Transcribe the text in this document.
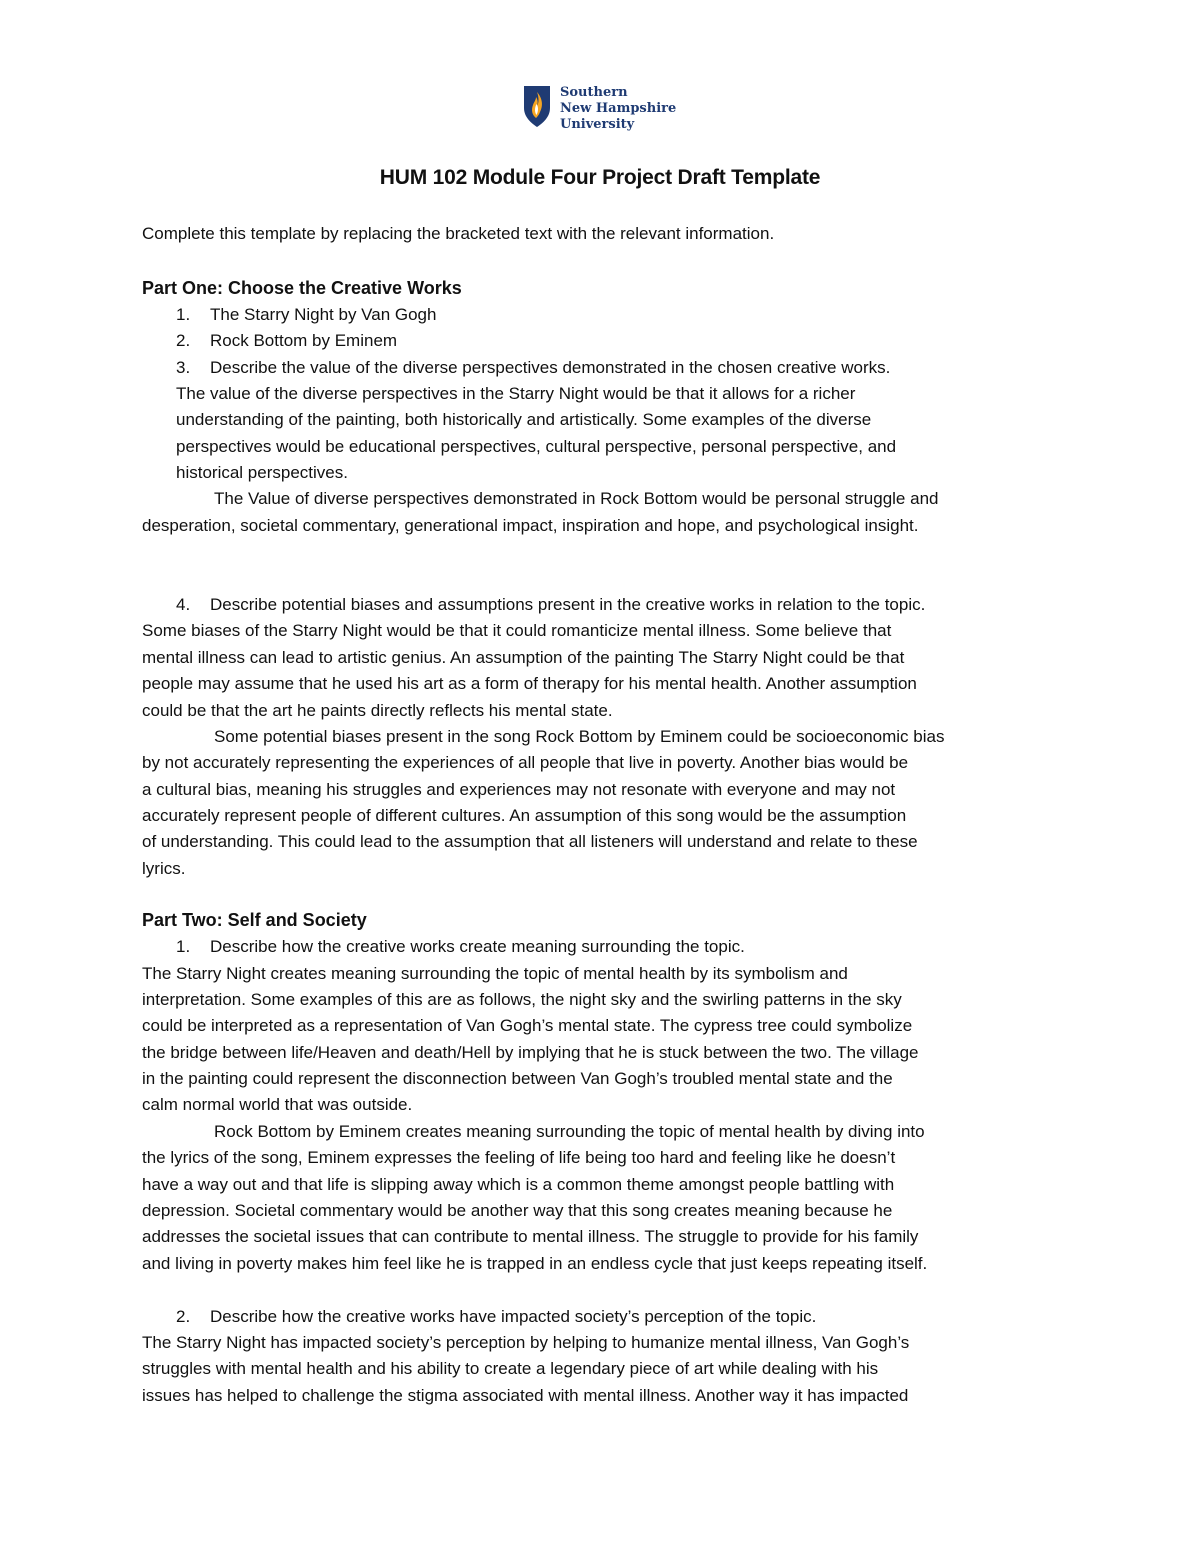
Southern
New Hampshire
University
HUM 102 Module Four Project Draft Template
Complete this template by replacing the bracketed text with the relevant information.
Part One: Choose the Creative Works
1. The Starry Night by Van Gogh
2. Rock Bottom by Eminem
3. Describe the value of the diverse perspectives demonstrated in the chosen creative works.
The value of the diverse perspectives in the Starry Night would be that it allows for a richer
understanding of the painting, both historically and artistically. Some examples of the diverse
perspectives would be educational perspectives, cultural perspective, personal perspective, and
historical perspectives.
The Value of diverse perspectives demonstrated in Rock Bottom would be personal struggle and
desperation, societal commentary, generational impact, inspiration and hope, and psychological insight.
4. Describe potential biases and assumptions present in the creative works in relation to the topic.
Some biases of the Starry Night would be that it could romanticize mental illness. Some believe that
mental illness can lead to artistic genius. An assumption of the painting The Starry Night could be that
people may assume that he used his art as a form of therapy for his mental health. Another assumption
could be that the art he paints directly reflects his mental state.
Some potential biases present in the song Rock Bottom by Eminem could be socioeconomic bias
by not accurately representing the experiences of all people that live in poverty. Another bias would be
a cultural bias, meaning his struggles and experiences may not resonate with everyone and may not
accurately represent people of different cultures. An assumption of this song would be the assumption
of understanding. This could lead to the assumption that all listeners will understand and relate to these
lyrics.
Part Two: Self and Society
1. Describe how the creative works create meaning surrounding the topic.
The Starry Night creates meaning surrounding the topic of mental health by its symbolism and
interpretation. Some examples of this are as follows, the night sky and the swirling patterns in the sky
could be interpreted as a representation of Van Gogh’s mental state. The cypress tree could symbolize
the bridge between life/Heaven and death/Hell by implying that he is stuck between the two. The village
in the painting could represent the disconnection between Van Gogh’s troubled mental state and the
calm normal world that was outside.
Rock Bottom by Eminem creates meaning surrounding the topic of mental health by diving into
the lyrics of the song, Eminem expresses the feeling of life being too hard and feeling like he doesn’t
have a way out and that life is slipping away which is a common theme amongst people battling with
depression. Societal commentary would be another way that this song creates meaning because he
addresses the societal issues that can contribute to mental illness. The struggle to provide for his family
and living in poverty makes him feel like he is trapped in an endless cycle that just keeps repeating itself.
2. Describe how the creative works have impacted society’s perception of the topic.
The Starry Night has impacted society’s perception by helping to humanize mental illness, Van Gogh’s
struggles with mental health and his ability to create a legendary piece of art while dealing with his
issues has helped to challenge the stigma associated with mental illness. Another way it has impacted
